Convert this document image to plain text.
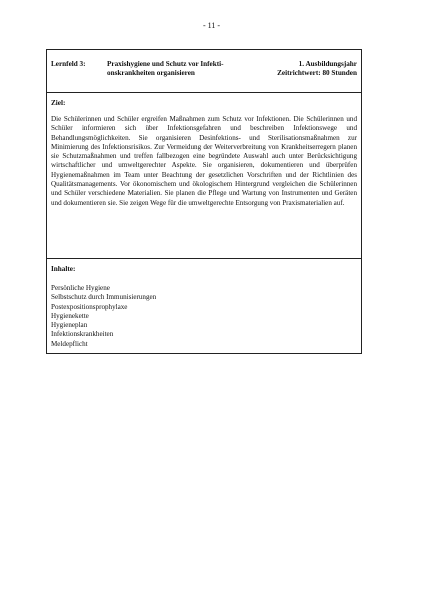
- 11 -
Lernfeld 3:	Praxishygiene und Schutz vor Infekti-
onskrankheiten organisieren
1. Ausbildungsjahr
Zeitrichtwert: 80 Stunden
Ziel:
Die Schülerinnen und Schüler ergreifen Maßnahmen zum Schutz vor Infektionen. Die Schülerinnen und Schüler informieren sich über Infektionsgefahren und beschreiben Infektionswege und Behandlungsmöglichkeiten. Sie organisieren Desinfektions- und Sterilisationsmaßnahmen zur Minimierung des Infektionsrisikos. Zur Vermeidung der Weiterverbreitung von Krankheitserregern planen sie Schutzmaßnahmen und treffen fallbezogen eine begründete Auswahl auch unter Berücksichtigung wirtschaftlicher und umweltgerechter Aspekte. Sie organisieren, dokumentieren und überprüfen Hygienemaßnahmen im Team unter Beachtung der gesetzlichen Vorschriften und der Richtlinien des Qualitätsmanagements. Vor ökonomischem und ökologischem Hintergrund vergleichen die Schülerinnen und Schüler verschiedene Materialien. Sie planen die Pflege und Wartung von Instrumenten und Geräten und dokumentieren sie. Sie zeigen Wege für die umweltgerechte Entsorgung von Praxismaterialien auf.
Inhalte:
Persönliche Hygiene
Selbstschutz durch Immunisierungen
Postexpositionsprophylaxe
Hygienekette
Hygieneplan
Infektionskrankheiten
Meldepflicht
